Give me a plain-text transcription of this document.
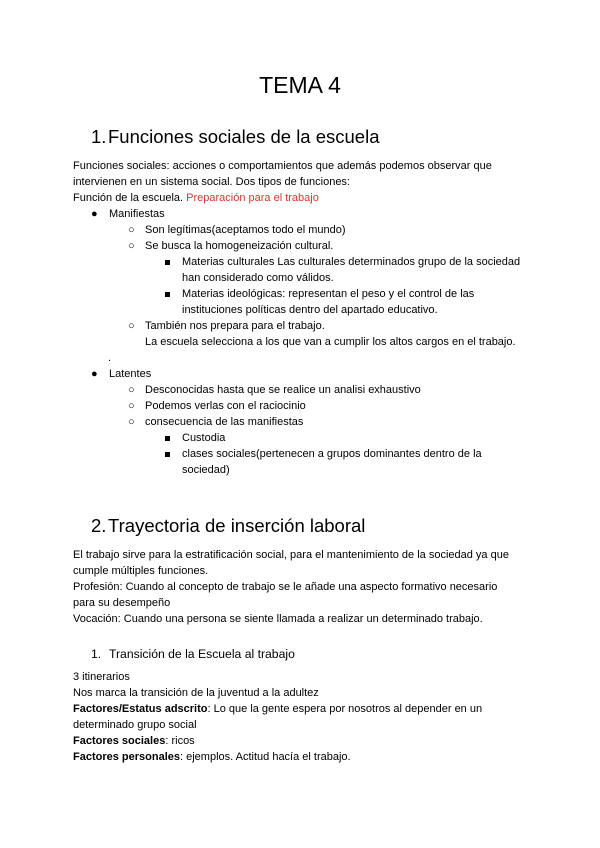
TEMA 4
1. Funciones sociales de la escuela
Funciones sociales: acciones o comportamientos que además podemos observar que
intervienen en un sistema social. Dos tipos de funciones:
Función de la escuela. Preparación para el trabajo
● Manifiestas
○ Son legítimas(aceptamos todo el mundo)
○ Se busca la homogeneización cultural.
Materias culturales Las culturales determinados grupo de la sociedad
han considerado como válidos.
Materias ideológicas: representan el peso y el control de las
instituciones políticas dentro del apartado educativo.
○ También nos prepara para el trabajo.
La escuela selecciona a los que van a cumplir los altos cargos en el trabajo.
.
● Latentes
○ Desconocidas hasta que se realice un analisi exhaustivo
○ Podemos verlas con el raciocinio
○ consecuencia de las manifiestas
Custodia
clases sociales(pertenecen a grupos dominantes dentro de la
sociedad)
2. Trayectoria de inserción laboral
El trabajo sirve para la estratificación social, para el mantenimiento de la sociedad ya que
cumple múltiples funciones.
Profesión: Cuando al concepto de trabajo se le añade una aspecto formativo necesario
para su desempeño
Vocación: Cuando una persona se siente llamada a realizar un determinado trabajo.
1. Transición de la Escuela al trabajo
3 itinerarios
Nos marca la transición de la juventud a la adultez
Factores/Estatus adscrito: Lo que la gente espera por nosotros al depender en un
determinado grupo social
Factores sociales: ricos
Factores personales: ejemplos. Actitud hacía el trabajo.
